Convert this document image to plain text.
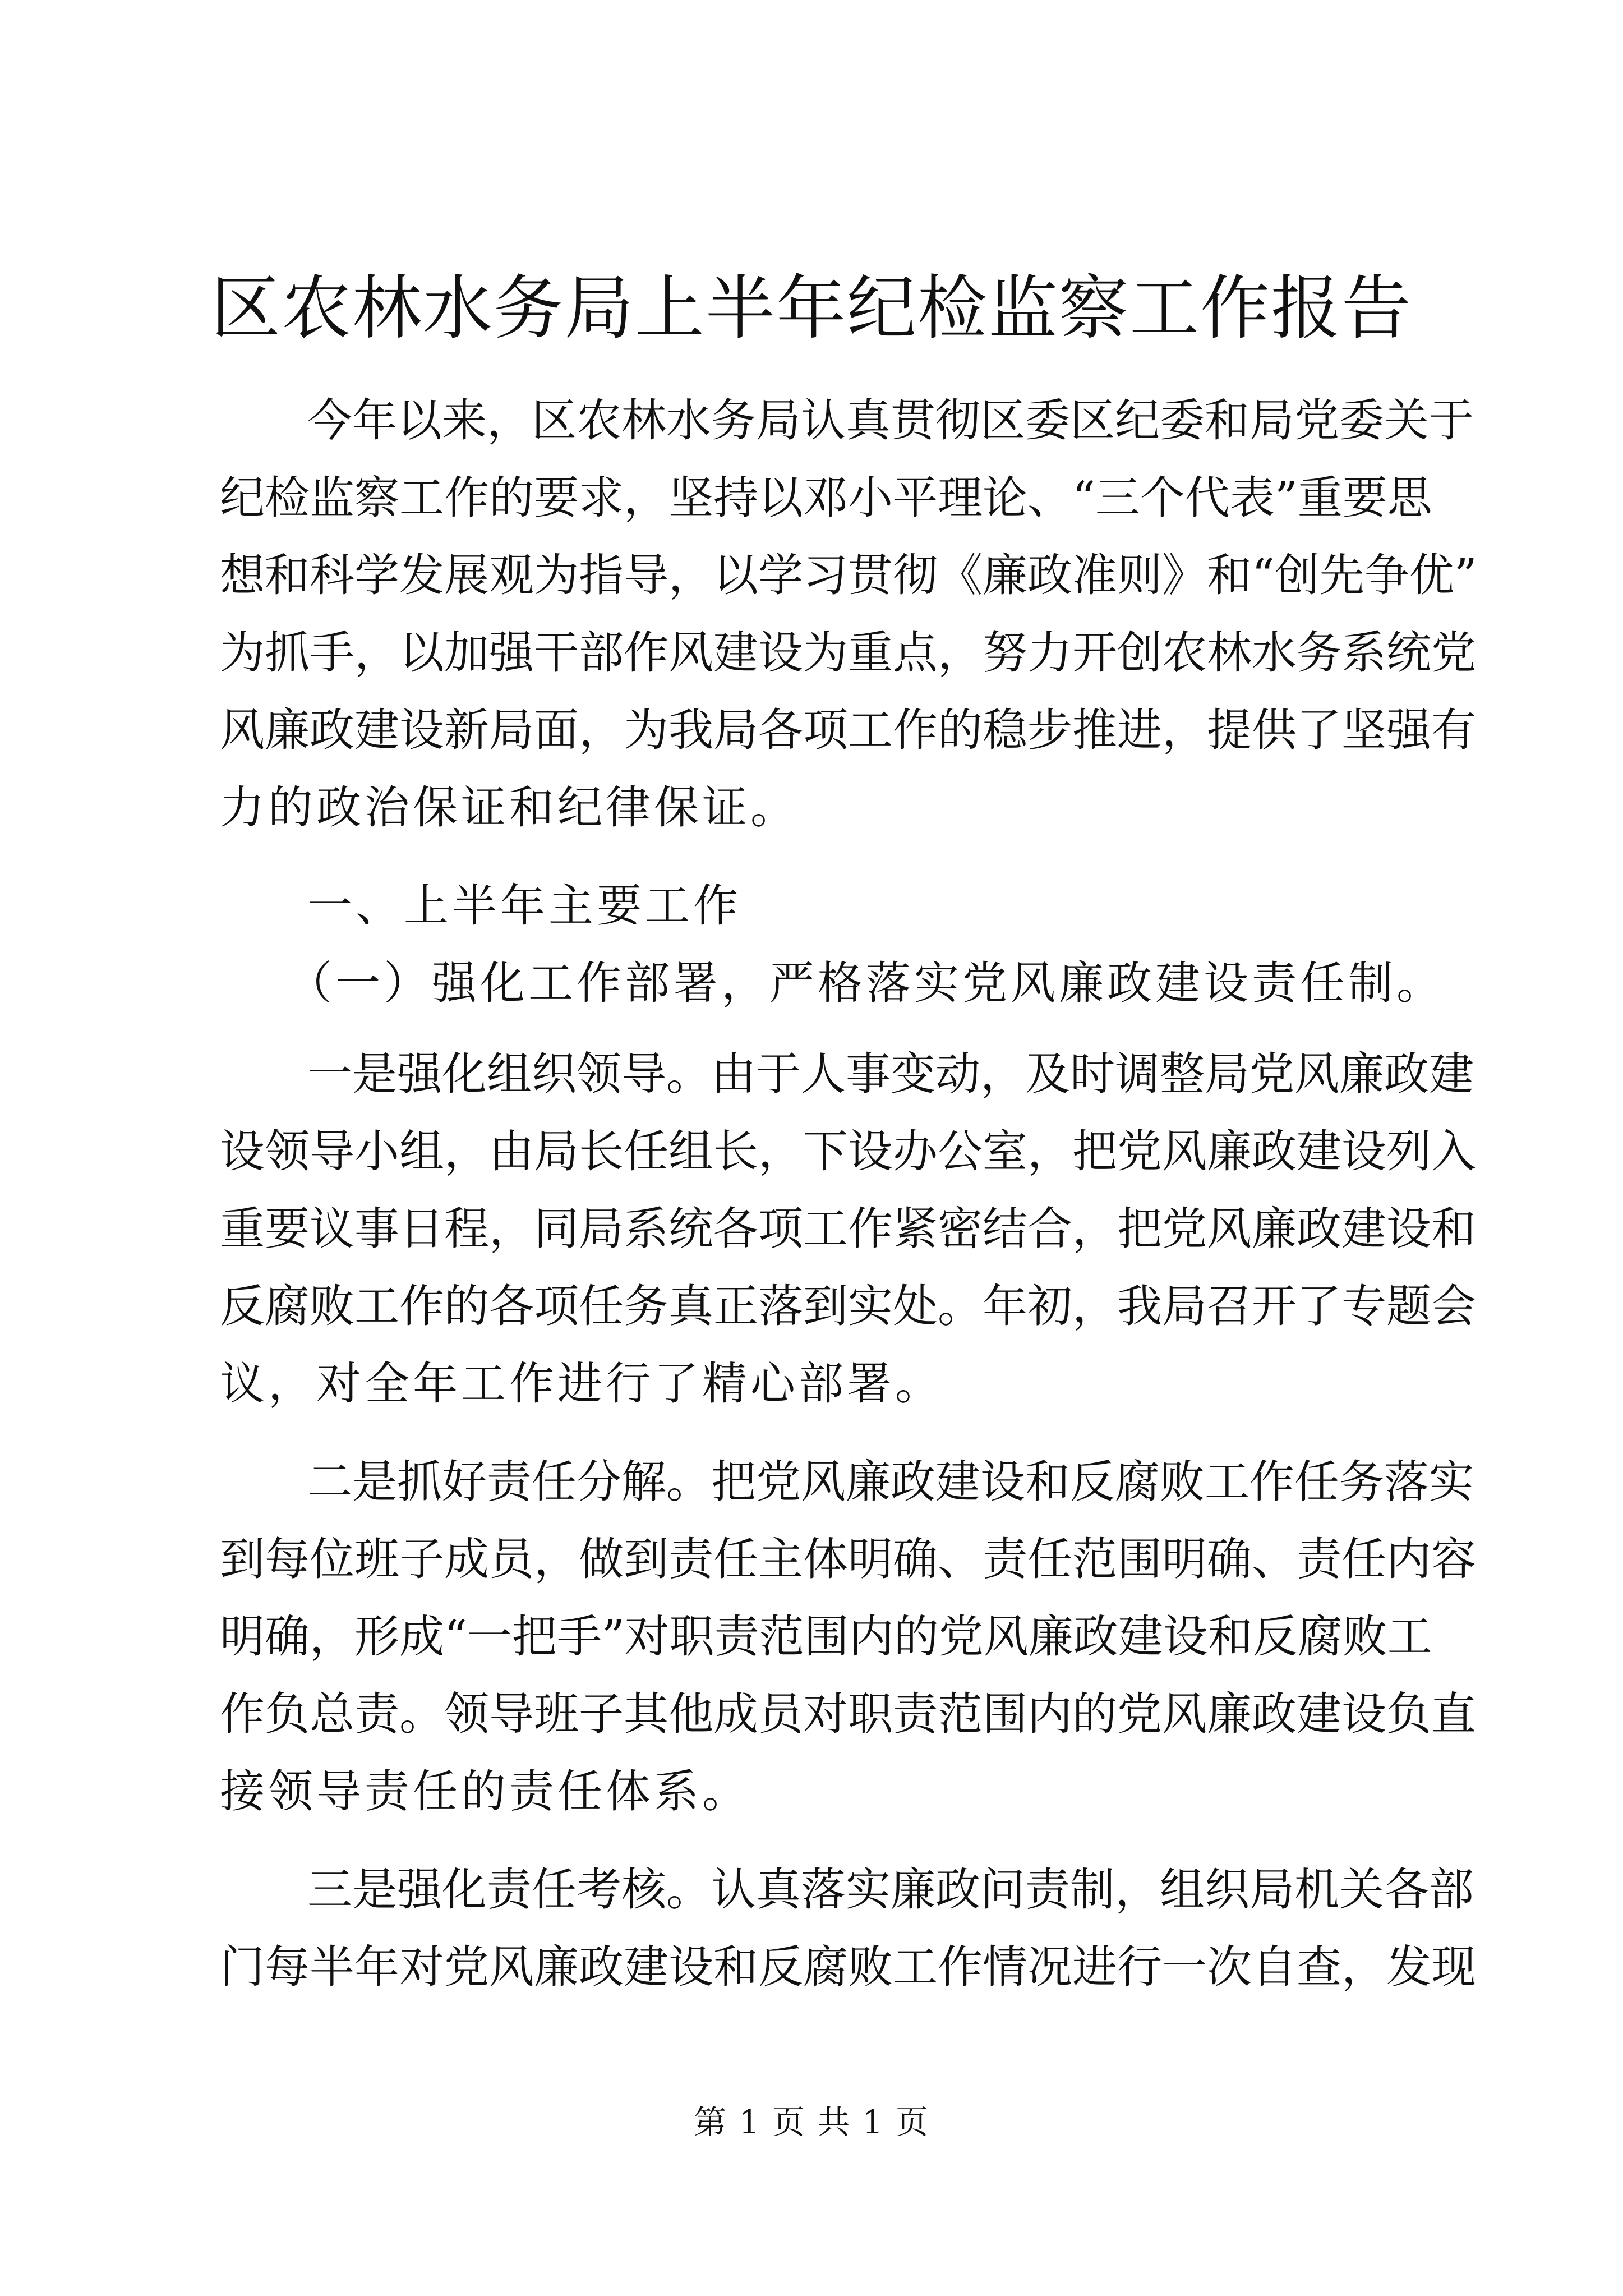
区农林水务局上半年纪检监察工作报告
今年以来，区农林水务局认真贯彻区委区纪委和局党委关于
纪检监察工作的要求，坚持以邓小平理论、“三个代表”重要思
想和科学发展观为指导，以学习贯彻《廉政准则》和“创先争优”
为抓手，以加强干部作风建设为重点，努力开创农林水务系统党
风廉政建设新局面，为我局各项工作的稳步推进，提供了坚强有
力的政治保证和纪律保证。
一、上半年主要工作
（一）强化工作部署，严格落实党风廉政建设责任制。
一是强化组织领导。由于人事变动，及时调整局党风廉政建
设领导小组，由局长任组长，下设办公室，把党风廉政建设列入
重要议事日程，同局系统各项工作紧密结合，把党风廉政建设和
反腐败工作的各项任务真正落到实处。年初，我局召开了专题会
议，对全年工作进行了精心部署。
二是抓好责任分解。把党风廉政建设和反腐败工作任务落实
到每位班子成员，做到责任主体明确、责任范围明确、责任内容
明确，形成“一把手”对职责范围内的党风廉政建设和反腐败工
作负总责。领导班子其他成员对职责范围内的党风廉政建设负直
接领导责任的责任体系。
三是强化责任考核。认真落实廉政问责制，组织局机关各部
门每半年对党风廉政建设和反腐败工作情况进行一次自查，发现
第 1 页 共 1 页
